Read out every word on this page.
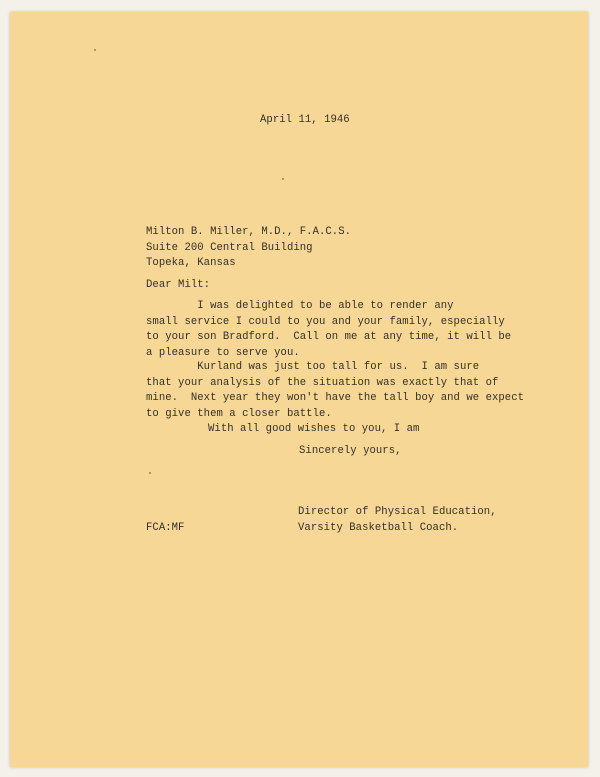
April 11, 1946
Milton B. Miller, M.D., F.A.C.S.
Suite 200 Central Building
Topeka, Kansas
Dear Milt:
I was delighted to be able to render any
small service I could to you and your family, especially
to your son Bradford.  Call on me at any time, it will be
a pleasure to serve you.
Kurland was just too tall for us.  I am sure
that your analysis of the situation was exactly that of
mine.  Next year they won't have the tall boy and we expect
to give them a closer battle.
With all good wishes to you, I am
Sincerely yours,
Director of Physical Education,
Varsity Basketball Coach.
FCA:MF
